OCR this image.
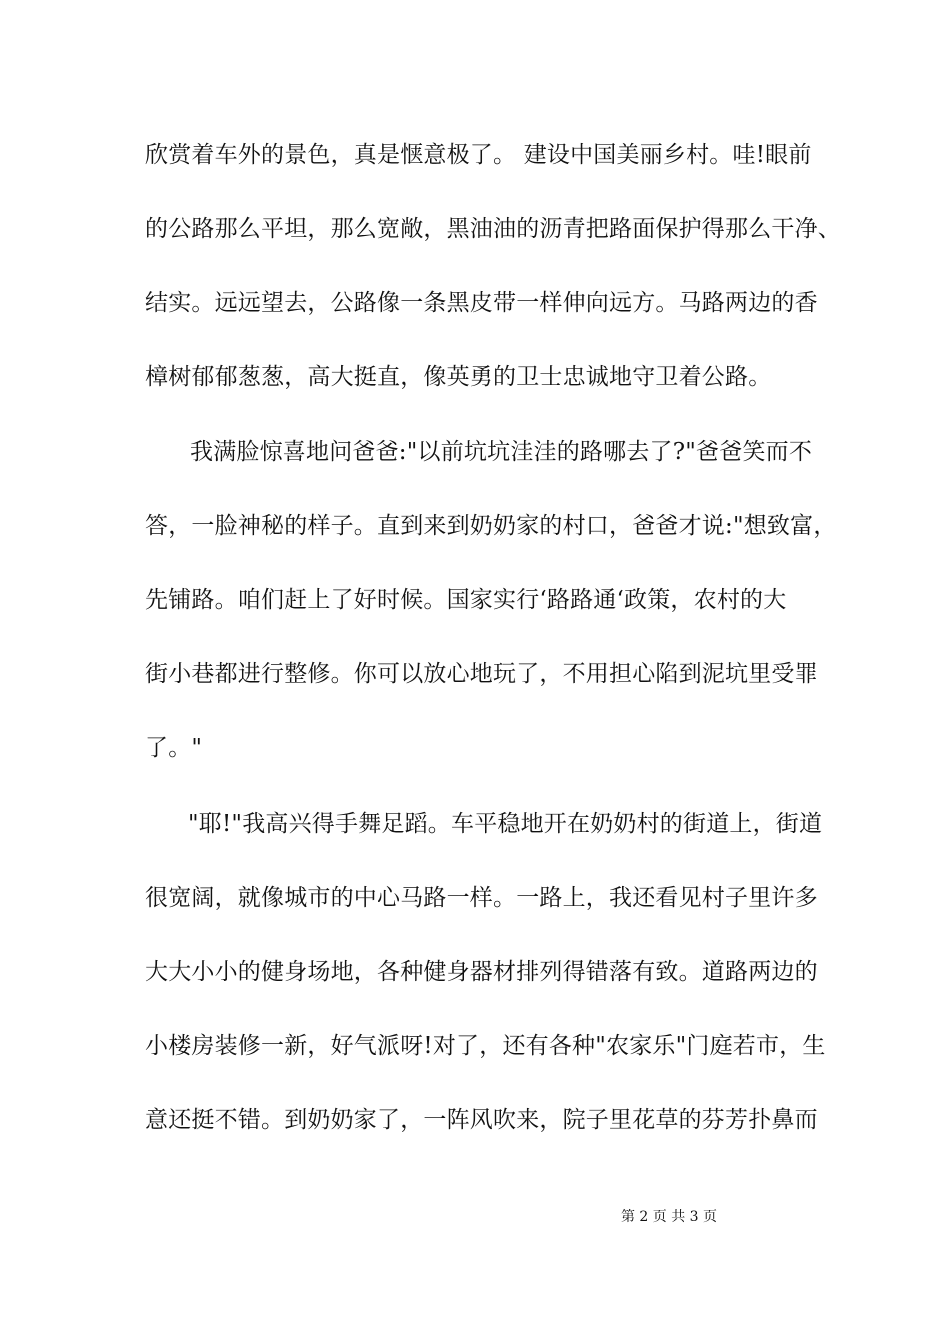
欣赏着车外的景色，真是惬意极了。 建设中国美丽乡村。哇!眼前
的公路那么平坦，那么宽敞，黑油油的沥青把路面保护得那么干净、
结实。远远望去，公路像一条黑皮带一样伸向远方。马路两边的香
樟树郁郁葱葱，高大挺直，像英勇的卫士忠诚地守卫着公路。
我满脸惊喜地问爸爸:"以前坑坑洼洼的路哪去了?"爸爸笑而不
答，一脸神秘的样子。直到来到奶奶家的村口，爸爸才说:"想致富，
先铺路。咱们赶上了好时候。国家实行‘路路通‘政策，农村的大
街小巷都进行整修。你可以放心地玩了，不用担心陷到泥坑里受罪
了。"
"耶!"我高兴得手舞足蹈。车平稳地开在奶奶村的街道上，街道
很宽阔，就像城市的中心马路一样。一路上，我还看见村子里许多
大大小小的健身场地，各种健身器材排列得错落有致。道路两边的
小楼房装修一新，好气派呀!对了，还有各种"农家乐"门庭若市，生
意还挺不错。到奶奶家了，一阵风吹来，院子里花草的芬芳扑鼻而
第 2 页 共 3 页
